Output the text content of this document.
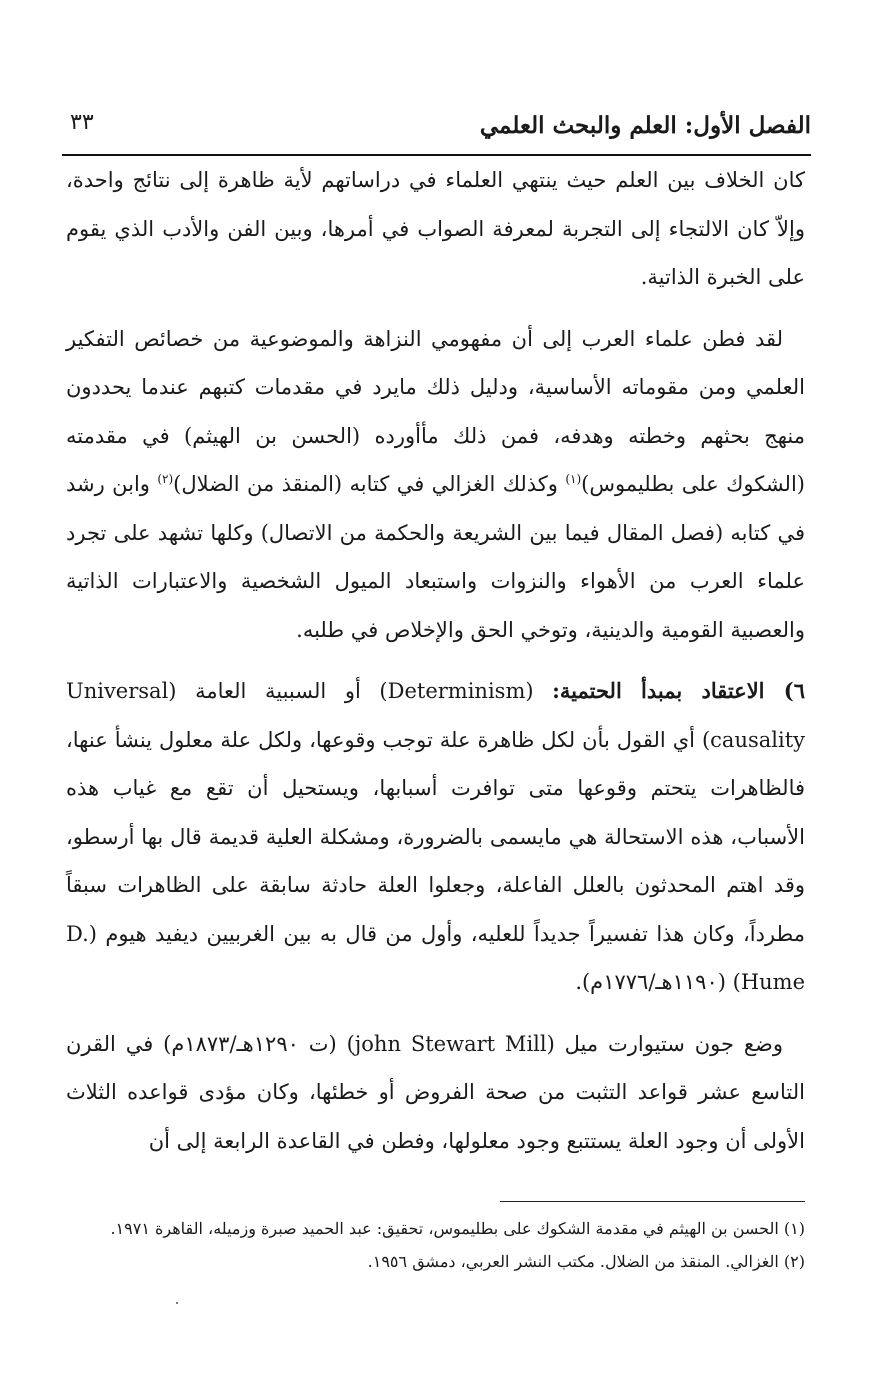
الفصل الأول: العلم والبحث العلمي
٣٣

كان الخلاف بين العلم حيث ينتهي العلماء في دراساتهم لأية ظاهرة إلى نتائج واحدة، وإلاّ كان الالتجاء إلى التجربة لمعرفة الصواب في أمرها، وبين الفن والأدب الذي يقوم على الخبرة الذاتية.

لقد فطن علماء العرب إلى أن مفهومي النزاهة والموضوعية من خصائص التفكير العلمي ومن مقوماته الأساسية، ودليل ذلك مايرد في مقدمات كتبهم عندما يحددون منهج بحثهم وخطته وهدفه، فمن ذلك مأأورده (الحسن بن الهيثم) في مقدمته (الشكوك على بطليموس)$^{(١)}$ وكذلك الغزالي في كتابه (المنقذ من الضلال)$^{(٢)}$ وابن رشد في كتابه (فصل المقال فيما بين الشريعة والحكمة من الاتصال) وكلها تشهد على تجرد علماء العرب من الأهواء والنزوات واستبعاد الميول الشخصية والاعتبارات الذاتية والعصبية القومية والدينية، وتوخي الحق والإخلاص في طلبه.

٦) الاعتقاد بمبدأ الحتمية: (Determinism) أو السببية العامة (Universal causality) أي القول بأن لكل ظاهرة علة توجب وقوعها، ولكل علة معلول ينشأ عنها، فالظاهرات يتحتم وقوعها متى توافرت أسبابها، ويستحيل أن تقع مع غياب هذه الأسباب، هذه الاستحالة هي مايسمى بالضرورة، ومشكلة العلية قديمة قال بها أرسطو، وقد اهتم المحدثون بالعلل الفاعلة، وجعلوا العلة حادثة سابقة على الظاهرات سبقاً مطرداً، وكان هذا تفسيراً جديداً للعليه، وأول من قال به بين الغربيين ديفيد هيوم (D. Hume) (١١٩٠هـ/١٧٧٦م).

وضع جون ستيوارت ميل (john Stewart Mill) (ت ١٢٩٠هـ/١٨٧٣م) في القرن التاسع عشر قواعد التثبت من صحة الفروض أو خطئها، وكان مؤدى قواعده الثلاث الأولى أن وجود العلة يستتبع وجود معلولها، وفطن في القاعدة الرابعة إلى أن

(١) الحسن بن الهيثم في مقدمة الشكوك على بطليموس، تحقيق: عبد الحميد صبرة وزميله، القاهرة ١٩٧١.

(٢) الغزالي. المنقذ من الضلال. مكتب النشر العربي، دمشق ١٩٥٦.
